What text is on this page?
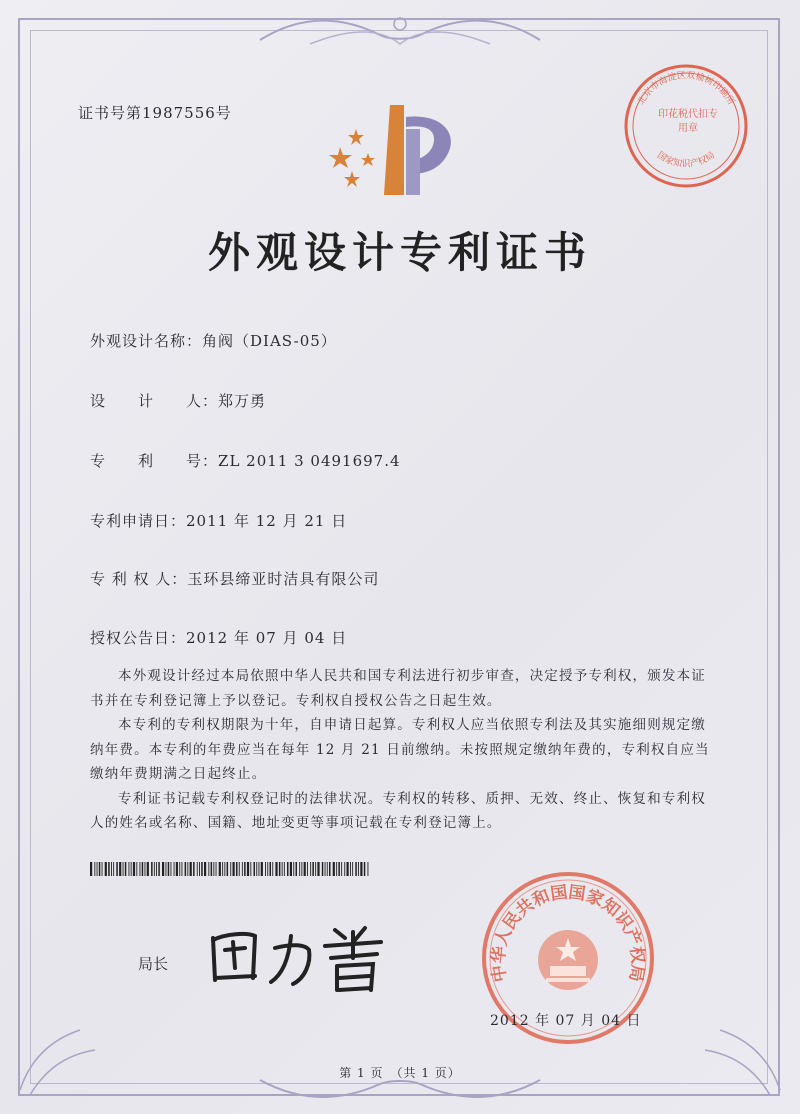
北京市海淀区双榆树印刷所
国家知识产权局
印花税代扣专用章
证书号第1987556号
外观设计专利证书
外观设计名称：角阀（DIAS-05）
设　　计　　人：郑万勇
专　　利　　号：ZL 2011 3 0491697.4
专利申请日：2011 年 12 月 21 日
专 利 权 人：玉环县缔亚时洁具有限公司
授权公告日：2012 年 07 月 04 日

本外观设计经过本局依照中华人民共和国专利法进行初步审查，决定授予专利权，颁发本证书并在专利登记簿上予以登记。专利权自授权公告之日起生效。

本专利的专利权期限为十年，自申请日起算。专利权人应当依照专利法及其实施细则规定缴纳年费。本专利的年费应当在每年 12 月 21 日前缴纳。未按照规定缴纳年费的，专利权自应当缴纳年费期满之日起终止。

专利证书记载专利权登记时的法律状况。专利权的转移、质押、无效、终止、恢复和专利权人的姓名或名称、国籍、地址变更等事项记载在专利登记簿上。

局长	中华人民共和国国家知识产权局
2012 年 07 月 04 日
第 1 页　（共 1 页）
